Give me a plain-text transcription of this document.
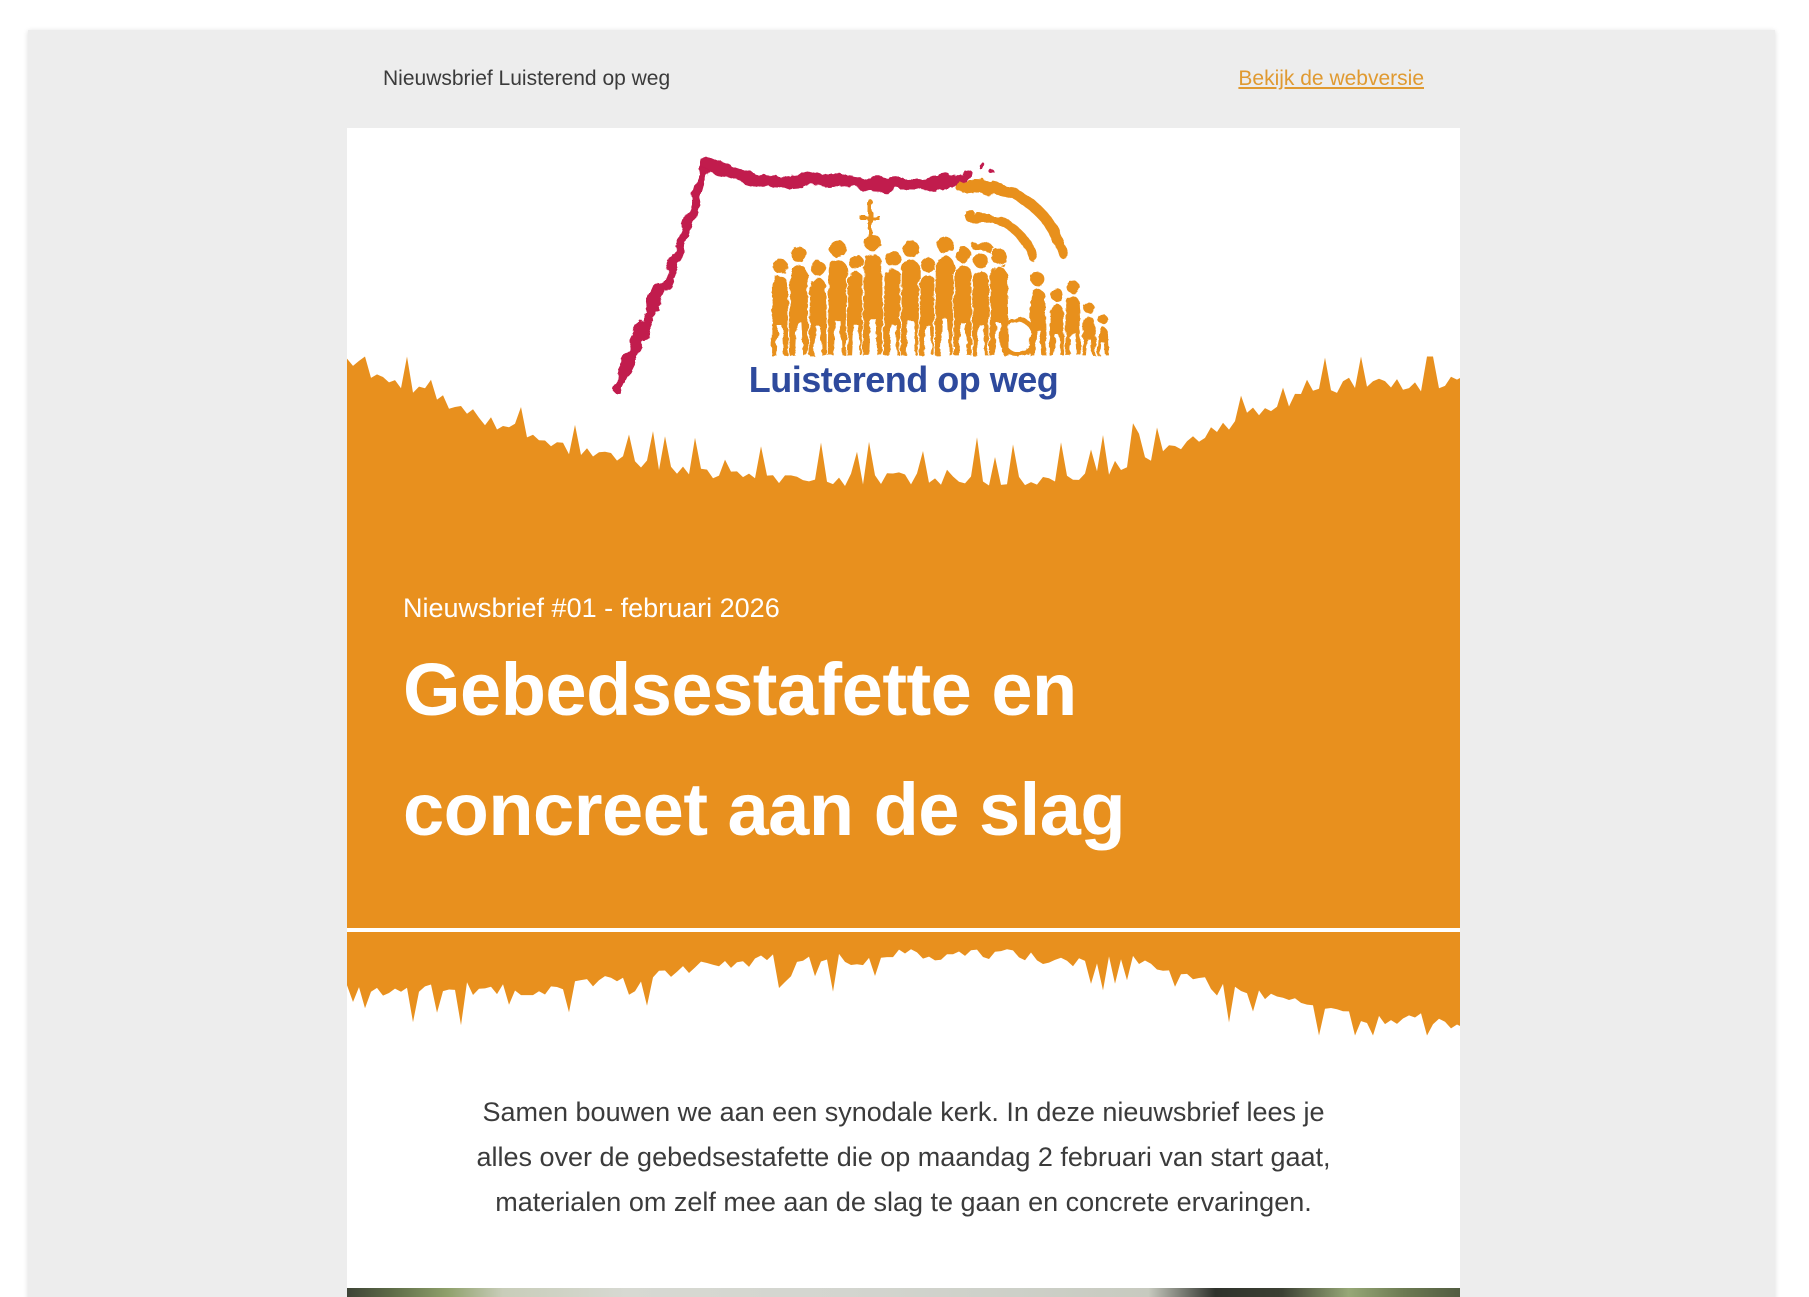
Nieuwsbrief Luisterend op weg	Bekijk de webversie
Luisterend op weg
Nieuwsbrief #01 - februari 2026
Gebedsestafette en
concreet aan de slag
Samen bouwen we aan een synodale kerk. In deze nieuwsbrief lees je
alles over de gebedsestafette die op maandag 2 februari van start gaat,
materialen om zelf mee aan de slag te gaan en concrete ervaringen.
